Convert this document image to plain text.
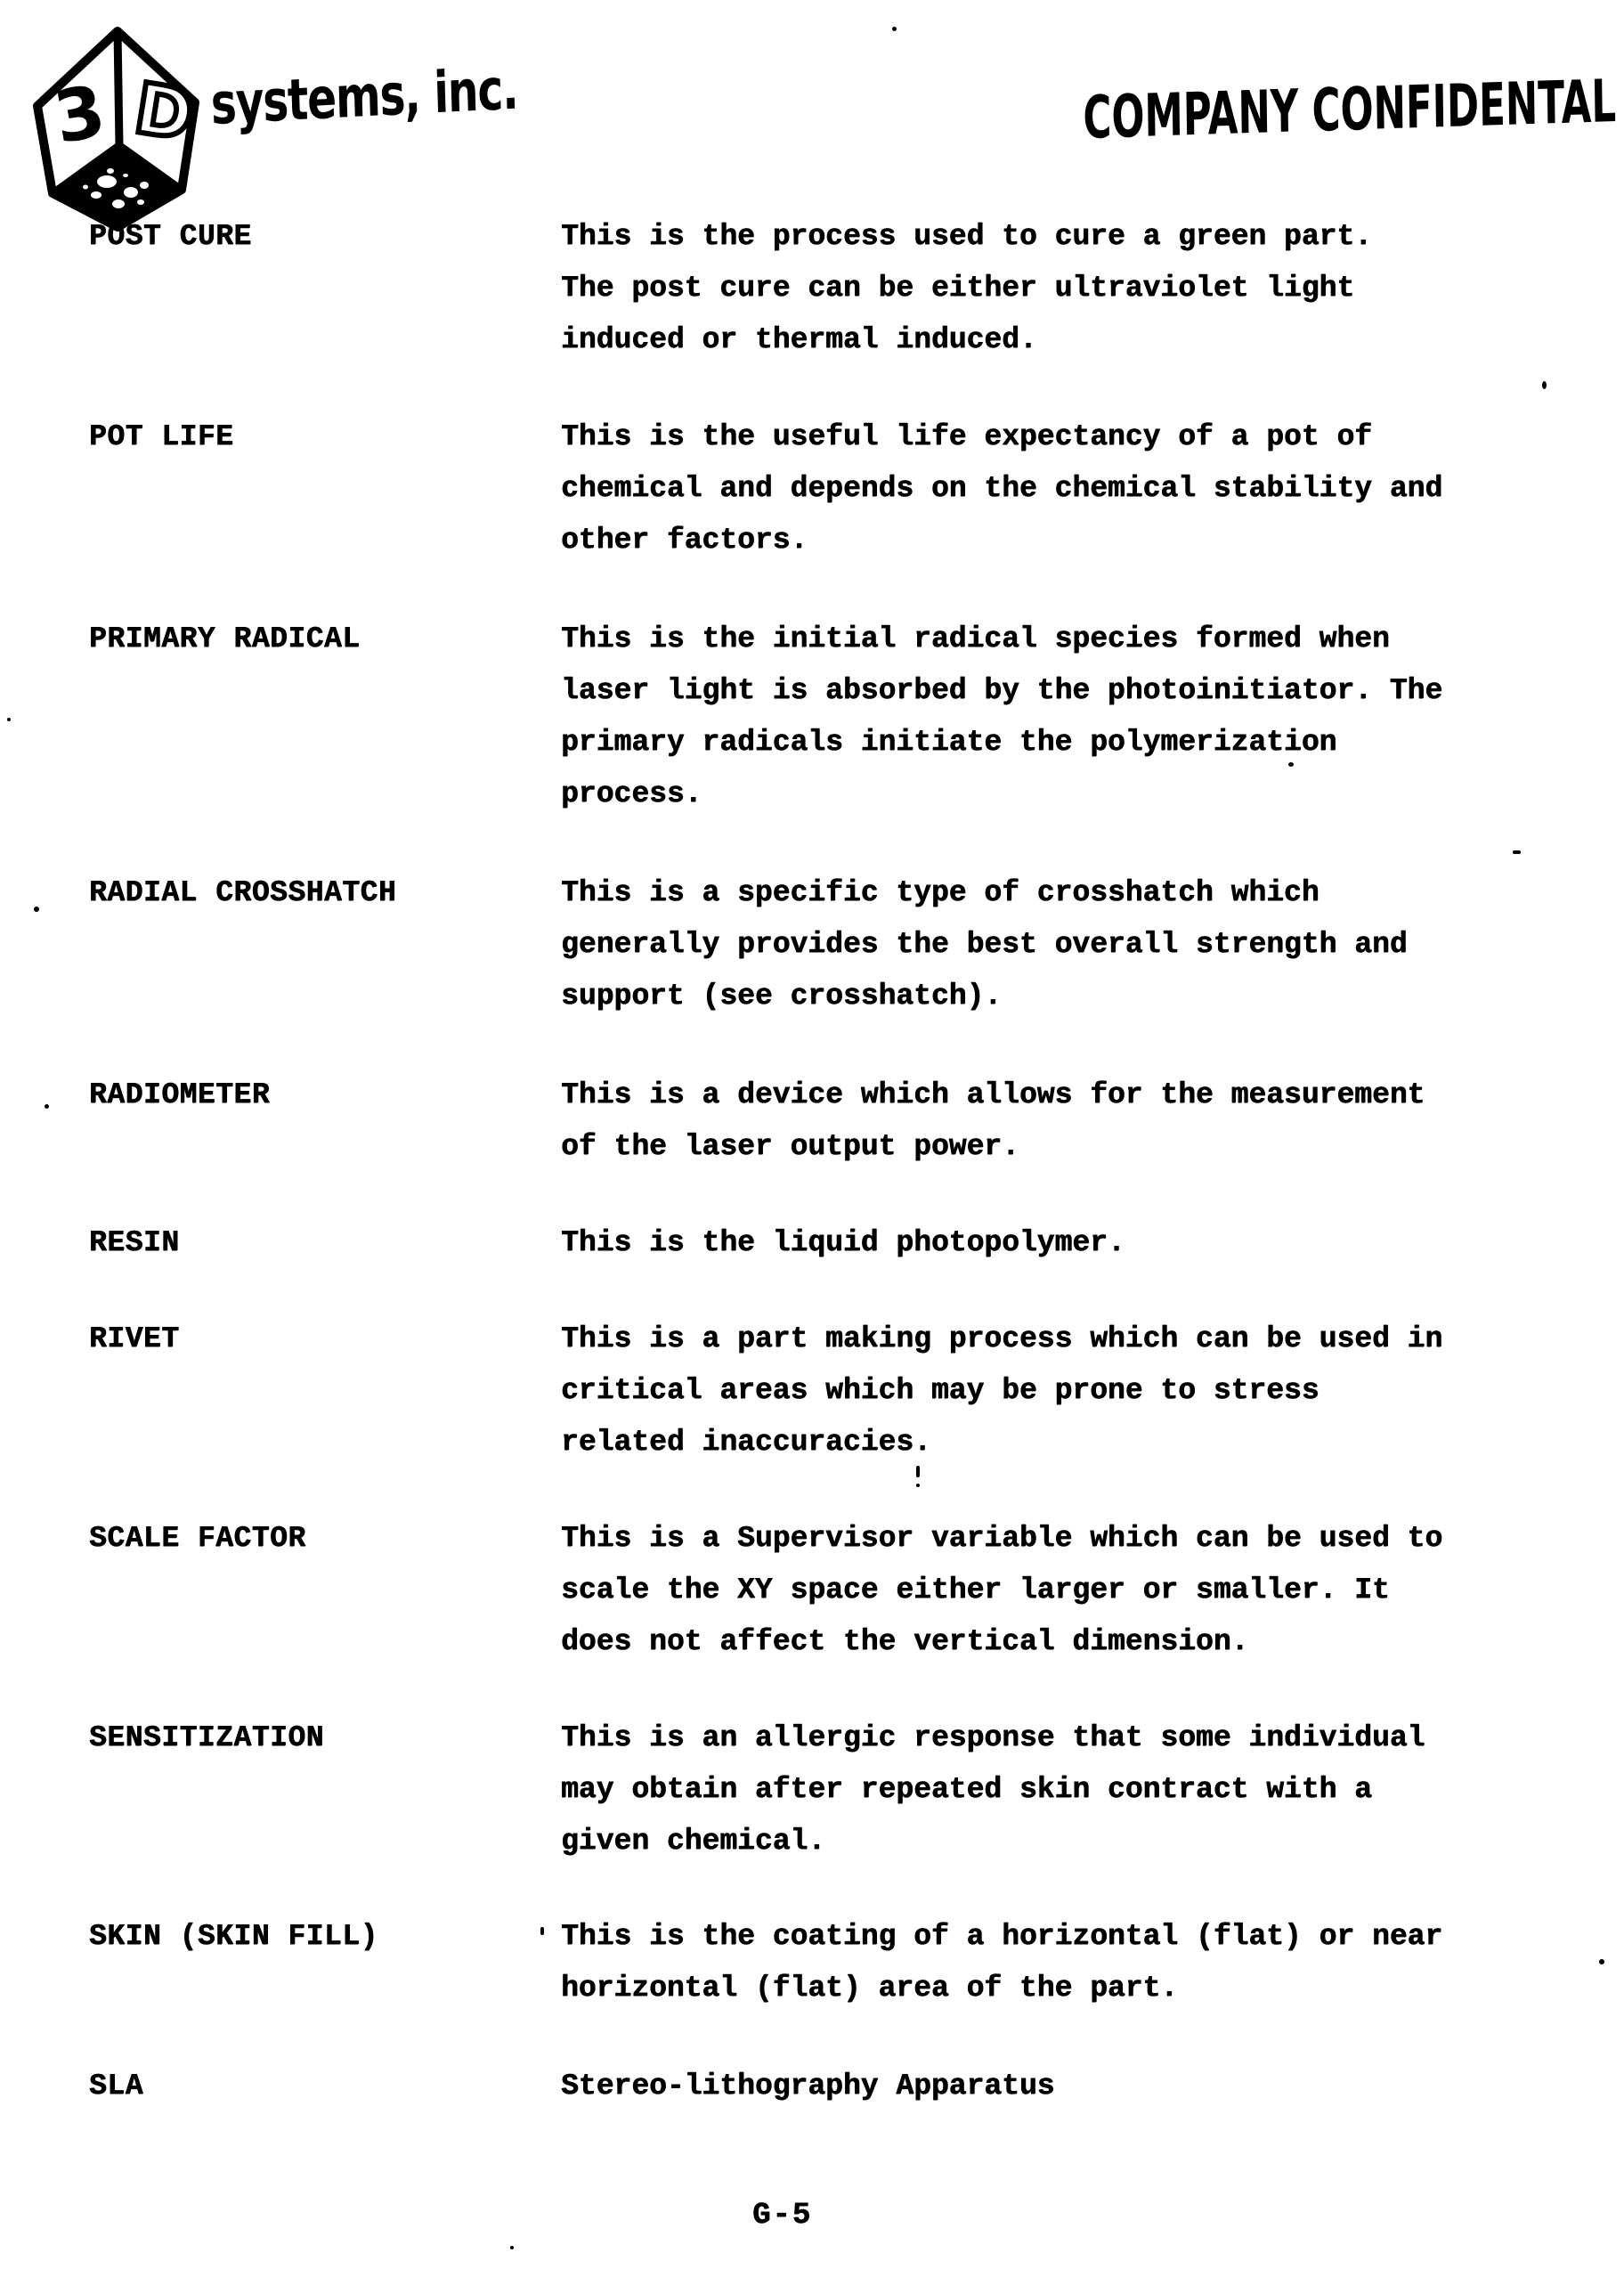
3 D systems, inc.	COMPANY CONFIDENTAL
POST CURE	This is the process used to cure a green part.
The post cure can be either ultraviolet light
induced or thermal induced.
POT LIFE	This is the useful life expectancy of a pot of
chemical and depends on the chemical stability and
other factors.
PRIMARY RADICAL	This is the initial radical species formed when
laser light is absorbed by the photoinitiator. The
primary radicals initiate the polymerization
process.
RADIAL CROSSHATCH	This is a specific type of crosshatch which
generally provides the best overall strength and
support (see crosshatch).
RADIOMETER	This is a device which allows for the measurement
of the laser output power.
RESIN	This is the liquid photopolymer.
RIVET	This is a part making process which can be used in
critical areas which may be prone to stress
related inaccuracies.
SCALE FACTOR	This is a Supervisor variable which can be used to
scale the XY space either larger or smaller. It
does not affect the vertical dimension.
SENSITIZATION	This is an allergic response that some individual
may obtain after repeated skin contract with a
given chemical.
SKIN (SKIN FILL)	This is the coating of a horizontal (flat) or near
horizontal (flat) area of the part.
SLA	Stereo-lithography Apparatus
G-5
